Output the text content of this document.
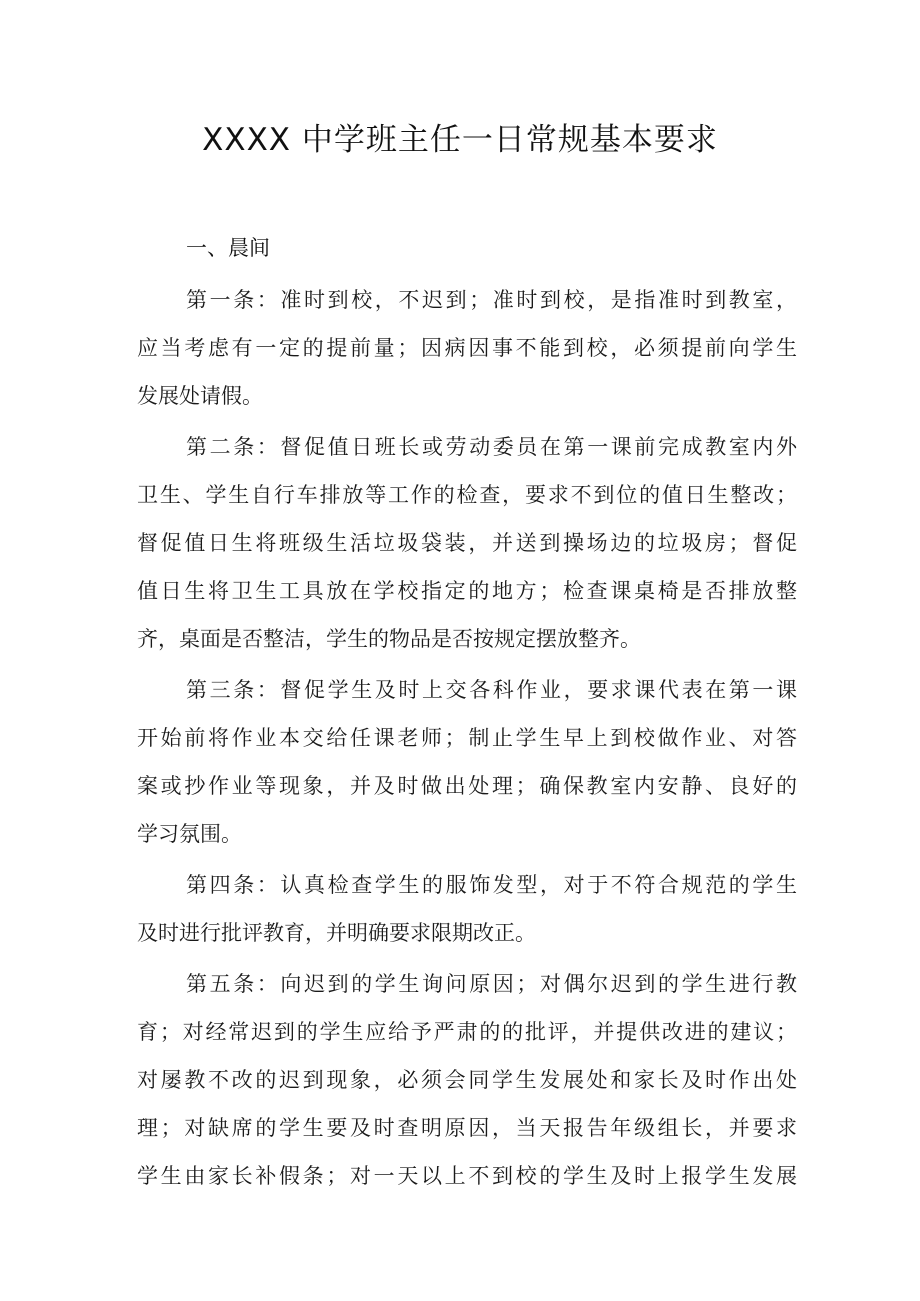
XXXX 中学班主任一日常规基本要求
一、晨间
第一条：准时到校，不迟到；准时到校，是指准时到教室，
应当考虑有一定的提前量；因病因事不能到校，必须提前向学生
发展处请假。
第二条：督促值日班长或劳动委员在第一课前完成教室内外
卫生、学生自行车排放等工作的检查，要求不到位的值日生整改；
督促值日生将班级生活垃圾袋装，并送到操场边的垃圾房；督促
值日生将卫生工具放在学校指定的地方；检查课桌椅是否排放整
齐，桌面是否整洁，学生的物品是否按规定摆放整齐。
第三条：督促学生及时上交各科作业，要求课代表在第一课
开始前将作业本交给任课老师；制止学生早上到校做作业、对答
案或抄作业等现象，并及时做出处理；确保教室内安静、良好的
学习氛围。
第四条：认真检查学生的服饰发型，对于不符合规范的学生
及时进行批评教育，并明确要求限期改正。
第五条：向迟到的学生询问原因；对偶尔迟到的学生进行教
育；对经常迟到的学生应给予严肃的的批评，并提供改进的建议；
对屡教不改的迟到现象，必须会同学生发展处和家长及时作出处
理；对缺席的学生要及时查明原因，当天报告年级组长，并要求
学生由家长补假条；对一天以上不到校的学生及时上报学生发展
